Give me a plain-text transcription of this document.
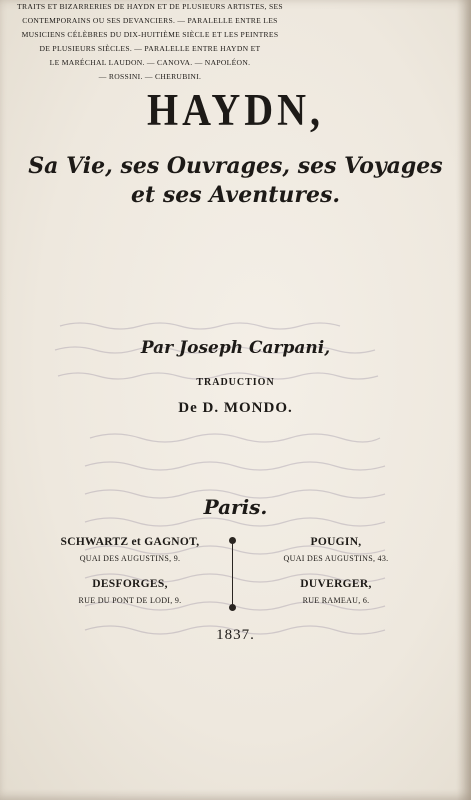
HAYDN,
Sa Vie, ses Ouvrages, ses Voyages
et ses Aventures.
TRAITS ET BIZARRERIES DE HAYDN ET DE PLUSIEURS ARTISTES, SES
CONTEMPORAINS OU SES DEVANCIERS. — PARALELLE ENTRE LES
MUSICIENS CÉLÈBRES DU DIX-HUITIÈME SIÈCLE ET LES PEINTRES
DE PLUSIEURS SIÈCLES. — PARALELLE ENTRE HAYDN ET
LE MARÉCHAL LAUDON. — CANOVA. — NAPOLÉON.
— ROSSINI. — CHERUBINI.
Par Joseph Carpani,
TRADUCTION
De D. MONDO.
Paris.
SCHWARTZ et GAGNOT,
QUAI DES AUGUSTINS, 9.
POUGIN,
QUAI DES AUGUSTINS, 43.
DESFORGES,
RUE DU PONT DE LODI, 9.
DUVERGER,
RUE RAMEAU, 6.
1837.
